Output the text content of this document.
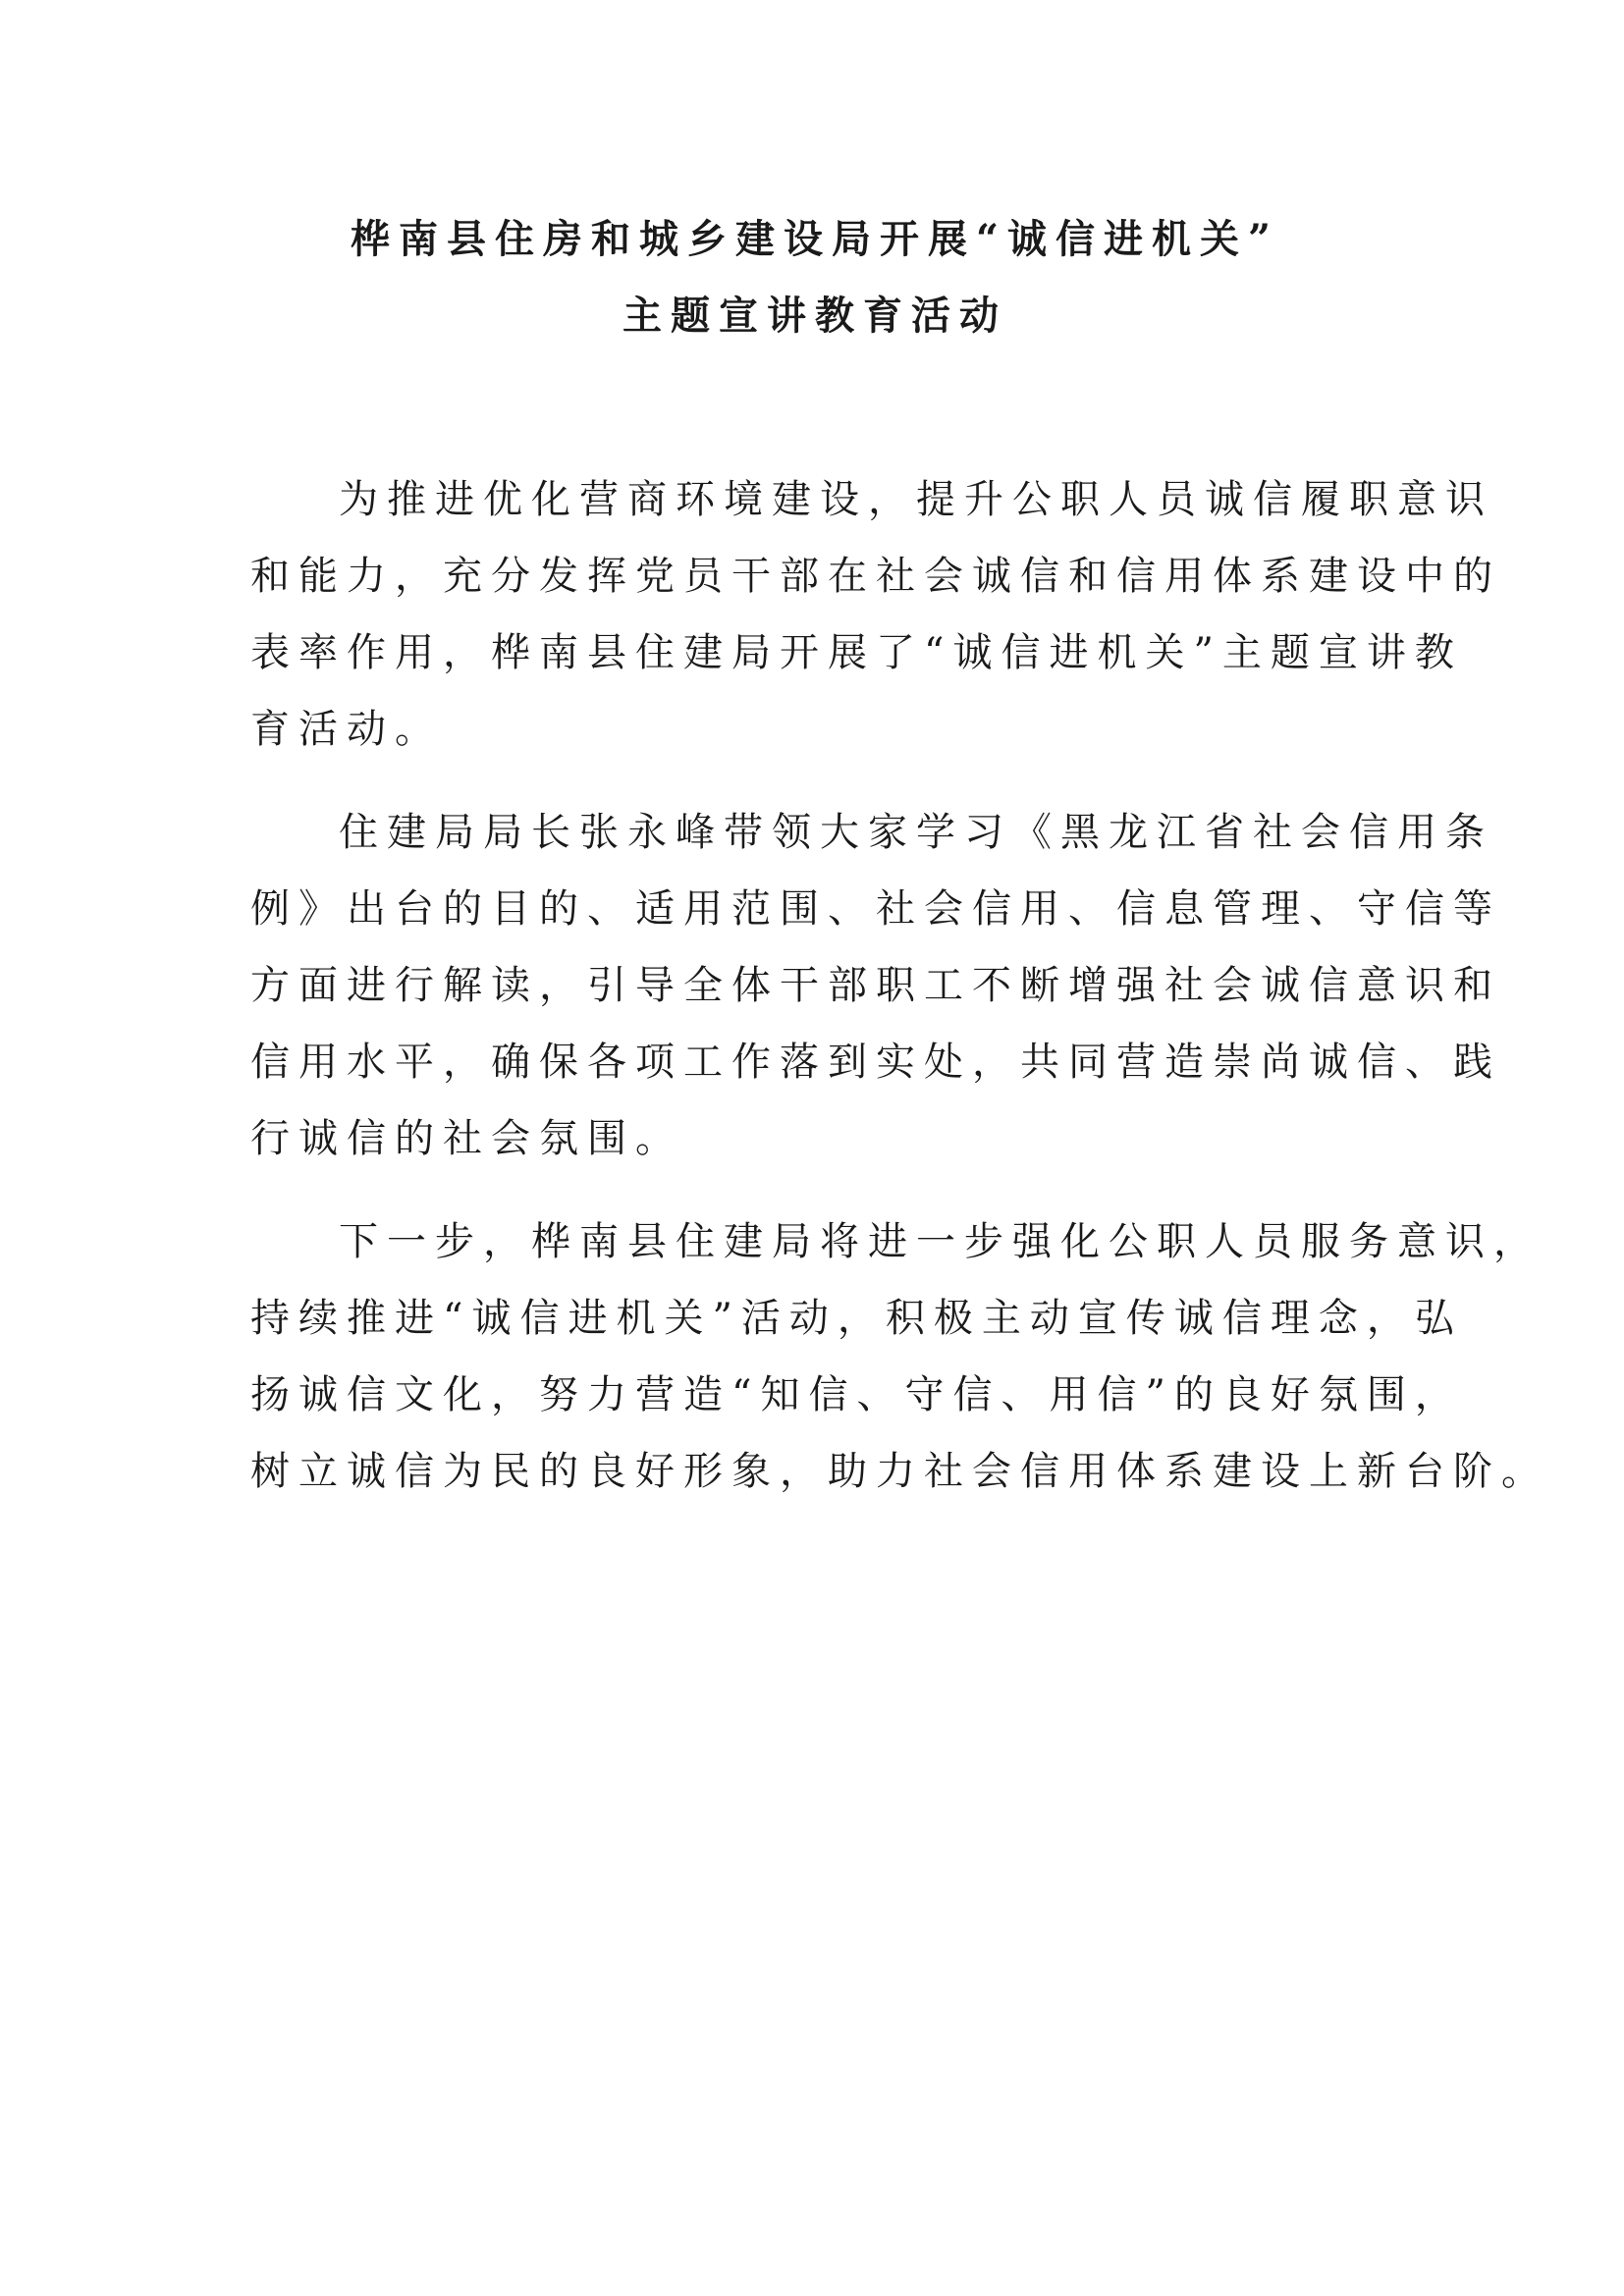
桦南县住房和城乡建设局开展“诚信进机关”
主题宣讲教育活动
为推进优化营商环境建设，提升公职人员诚信履职意识
和能力，充分发挥党员干部在社会诚信和信用体系建设中的
表率作用，桦南县住建局开展了“诚信进机关”主题宣讲教
育活动。
住建局局长张永峰带领大家学习《黑龙江省社会信用条
例》出台的目的、适用范围、社会信用、信息管理、守信等
方面进行解读，引导全体干部职工不断增强社会诚信意识和
信用水平，确保各项工作落到实处，共同营造崇尚诚信、践
行诚信的社会氛围。
下一步，桦南县住建局将进一步强化公职人员服务意识，
持续推进“诚信进机关”活动，积极主动宣传诚信理念，弘
扬诚信文化，努力营造“知信、守信、用信”的良好氛围，
树立诚信为民的良好形象，助力社会信用体系建设上新台阶。
